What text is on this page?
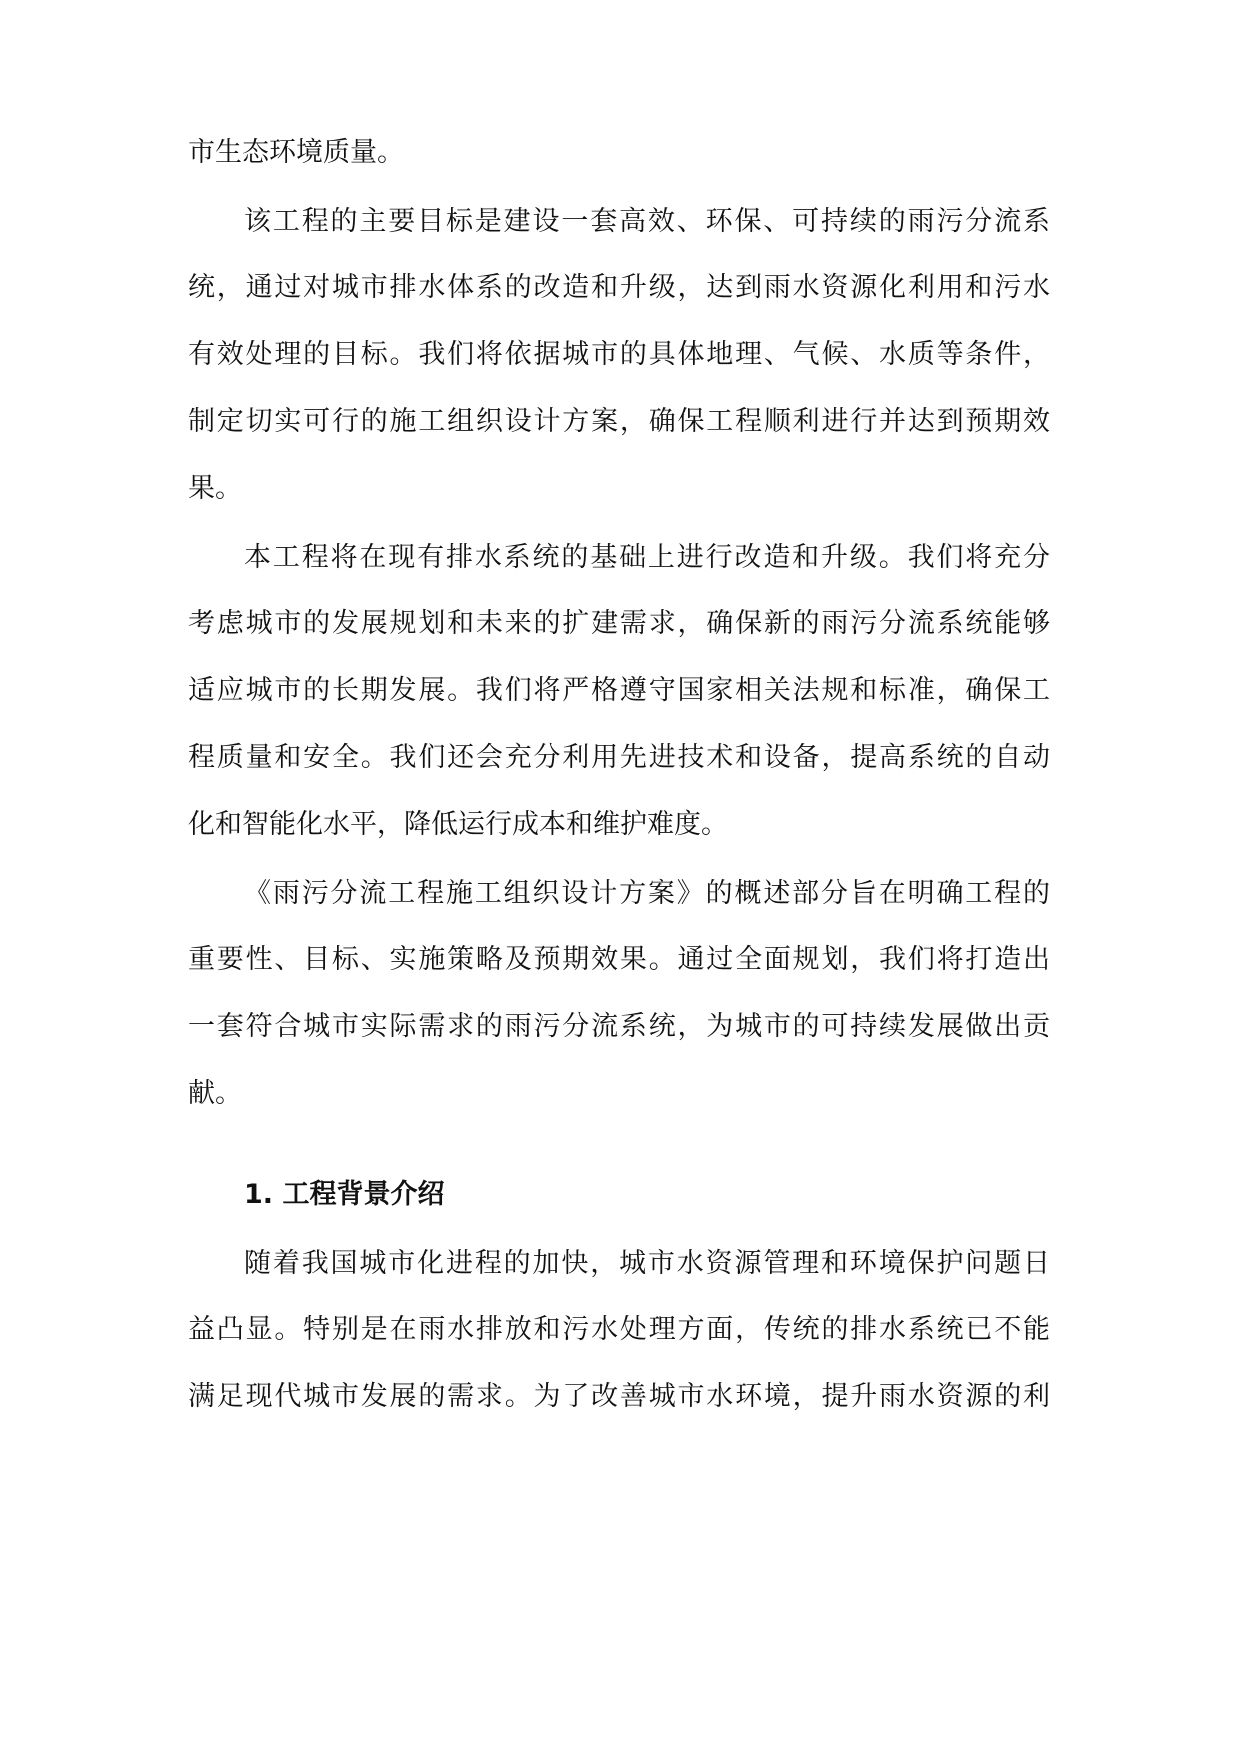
市生态环境质量。
该工程的主要目标是建设一套高效、环保、可持续的雨污分流系
统，通过对城市排水体系的改造和升级，达到雨水资源化利用和污水
有效处理的目标。我们将依据城市的具体地理、气候、水质等条件，
制定切实可行的施工组织设计方案，确保工程顺利进行并达到预期效
果。
本工程将在现有排水系统的基础上进行改造和升级。我们将充分
考虑城市的发展规划和未来的扩建需求，确保新的雨污分流系统能够
适应城市的长期发展。我们将严格遵守国家相关法规和标准，确保工
程质量和安全。我们还会充分利用先进技术和设备，提高系统的自动
化和智能化水平，降低运行成本和维护难度。
《雨污分流工程施工组织设计方案》的概述部分旨在明确工程的
重要性、目标、实施策略及预期效果。通过全面规划，我们将打造出
一套符合城市实际需求的雨污分流系统，为城市的可持续发展做出贡
献。
1. 工程背景介绍
随着我国城市化进程的加快，城市水资源管理和环境保护问题日
益凸显。特别是在雨水排放和污水处理方面，传统的排水系统已不能
满足现代城市发展的需求。为了改善城市水环境，提升雨水资源的利
